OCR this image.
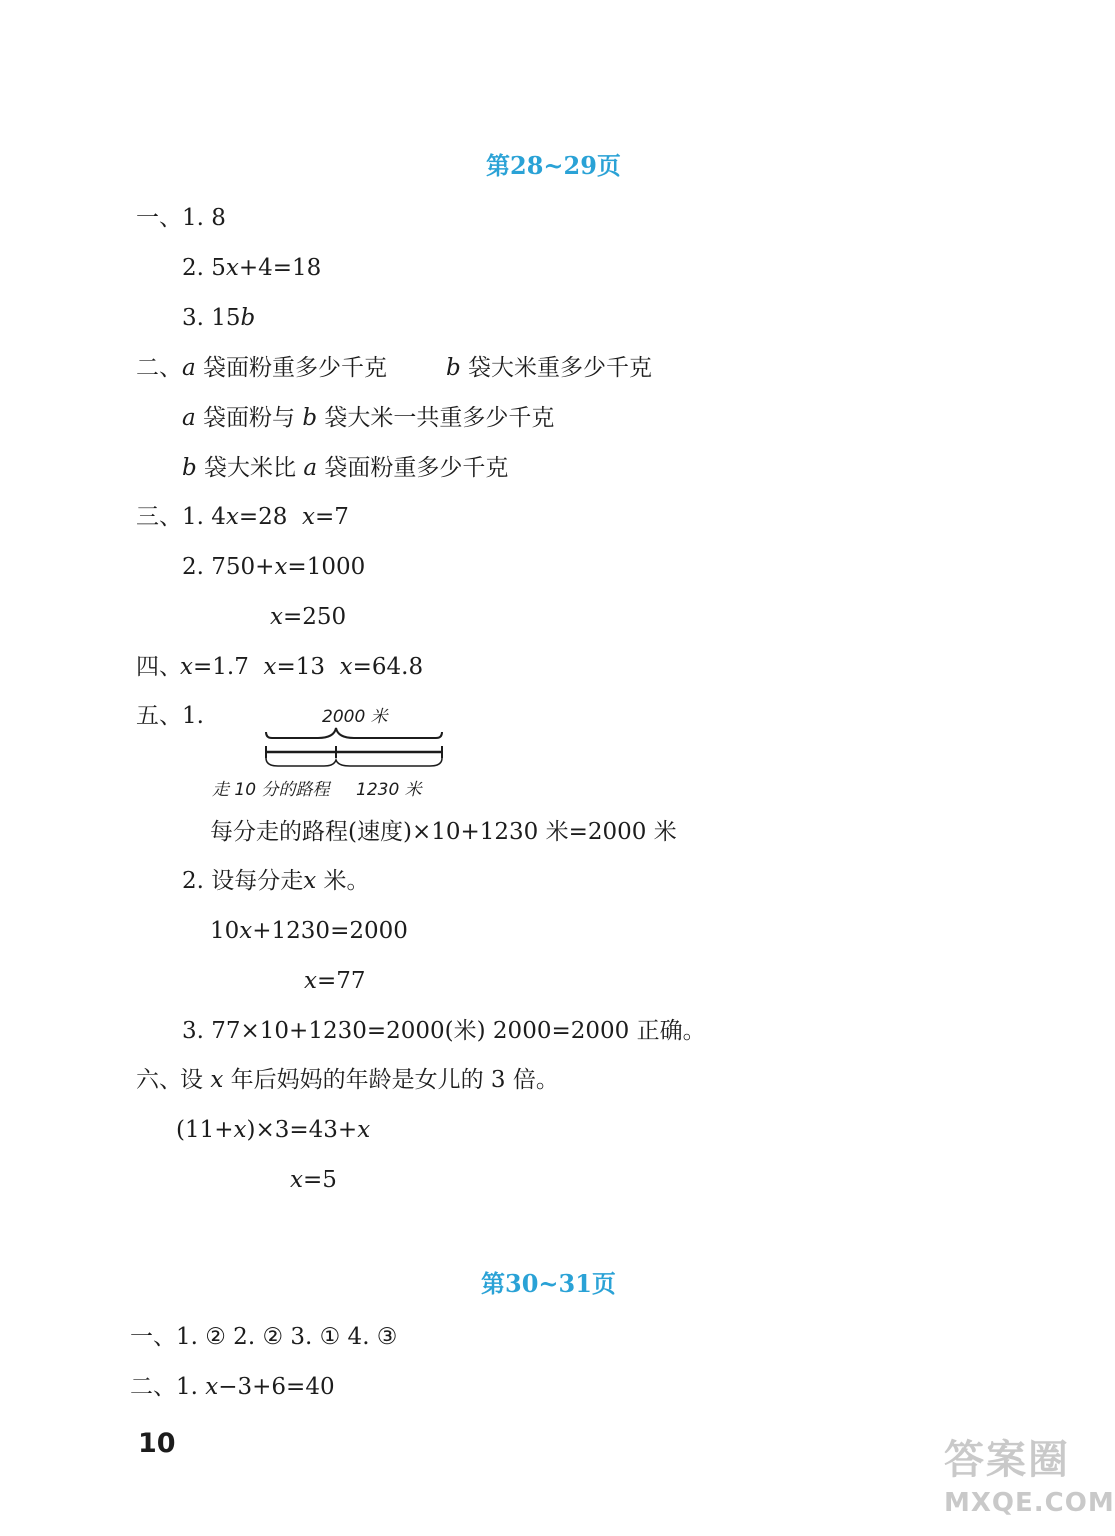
第28~29页
一、 1. 8
2. 5x+4=18
3. 15b
二、 a 袋面粉重多少千克	b 袋大米重多少千克
a 袋面粉与 b 袋大米一共重多少千克
b 袋大米比 a 袋面粉重多少千克
三、 1. 4x=28 x=7
2. 750+x=1000
x=250
四、
x=1.7 x=13 x=64.8
五、 1.	2000 米
走 10 分的路程 1230 米
每分走的路程(速度)×10+1230 米=2000 米
2. 设每分走x 米。
10x+1230=2000
x=77
3. 77×10+1230=2000(米) 2000=2000 正确。
六、
设 x 年后妈妈的年龄是女儿的 3 倍。
(11+x)×3=43+x
x=5
第30~31页
一、 1. ② 2. ② 3. ① 4. ③
二、 1. x−3+6=40
10	答案圈
MXQE.COM
